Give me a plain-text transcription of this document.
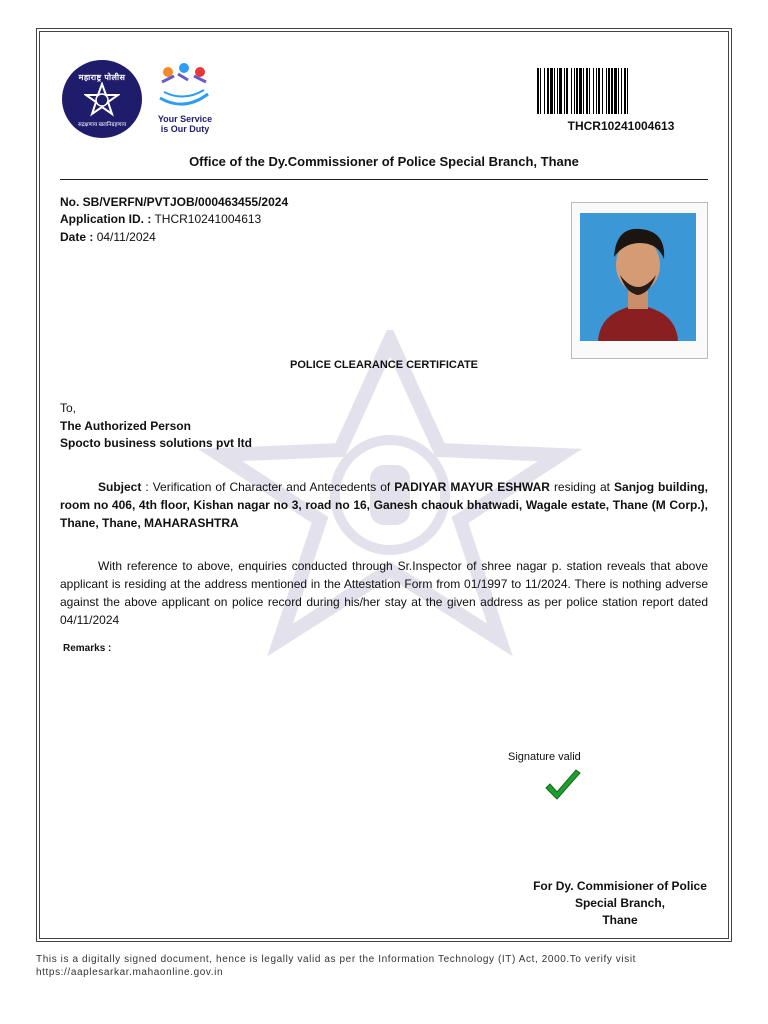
महाराष्ट्र पोलीस
सद्रक्षणाय खलनिग्रहणाय
Your Service
is Our Duty	THCR10241004613
Office of the Dy.Commissioner of Police Special Branch, Thane
No. SB/VERFN/PVTJOB/000463455/2024
Application ID. : THCR10241004613
Date : 04/11/2024
POLICE CLEARANCE CERTIFICATE
To,
The Authorized Person
Spocto business solutions pvt ltd
Subject : Verification of Character and Antecedents of PADIYAR MAYUR ESHWAR residing at Sanjog building, room no 406, 4th floor, Kishan nagar no 3, road no 16, Ganesh chaouk bhatwadi, Wagale estate, Thane (M Corp.), Thane, Thane, MAHARASHTRA
With reference to above, enquiries conducted through Sr.Inspector of shree nagar p. station reveals that above applicant is residing at the address mentioned in the Attestation Form from 01/1997 to 11/2024. There is nothing adverse against the above applicant on police record during his/her stay at the given address as per police station report dated 04/11/2024
Remarks :
Signature valid
For Dy. Commisioner of Police
Special Branch,
Thane
This is a digitally signed document, hence is legally valid as per the Information Technology (IT) Act, 2000.To verify visit
https://aaplesarkar.mahaonline.gov.in
